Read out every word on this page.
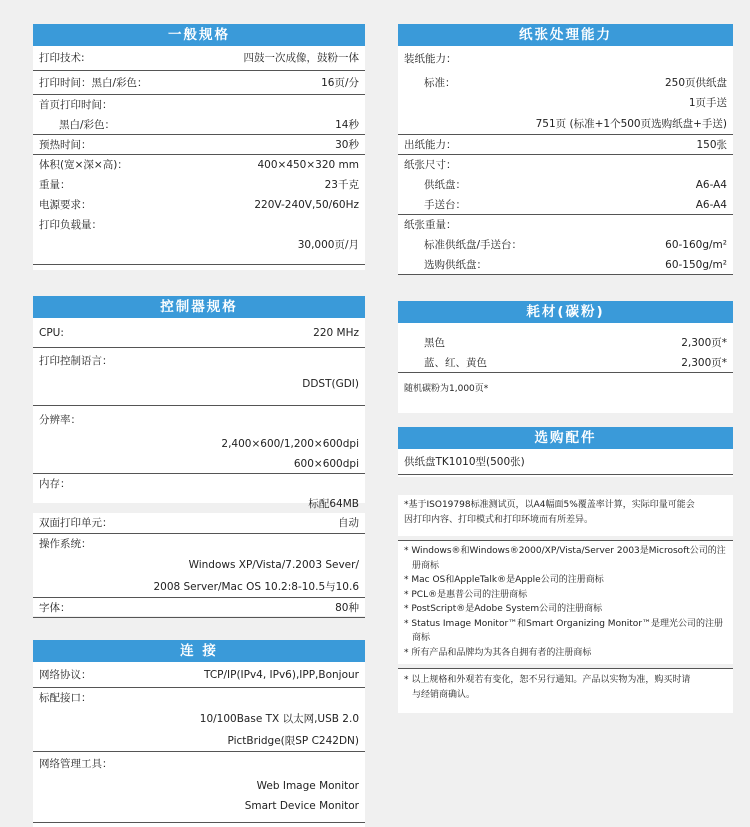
一般规格
打印技术:	四鼓一次成像，鼓粉一体
打印时间：黑白/彩色：	16页/分
首页打印时间：
黑白/彩色：	14秒
预热时间：	30秒
体积(宽×深×高)：	400×450×320 mm
重量：	23千克
电源要求：	220V-240V,50/60Hz
打印负载量：
30,000页/月
控制器规格
CPU:	220 MHz
打印控制语言：
DDST(GDI)
分辨率：
2,400×600/1,200×600dpi
600×600dpi
内存：
标配64MB
双面打印单元：	自动
操作系统：
Windows XP/Vista/7.2003 Sever/
2008 Server/Mac OS 10.2:8-10.5与10.6
字体：	80种
连 接
网络协议：	TCP/IP(IPv4, IPv6),IPP,Bonjour
标配接口：
10/100Base TX 以太网,USB 2.0
PictBridge(限SP C242DN)
网络管理工具：
Web Image Monitor
Smart Device Monitor
纸张处理能力
装纸能力：
标准：	250页供纸盘
1页手送
751页 (标准+1个500页选购纸盘+手送)
出纸能力：	150张
纸张尺寸：
供纸盘：	A6-A4
手送台：	A6-A4
纸张重量：
标准供纸盘/手送台：	60-160g/m²
选购供纸盘：	60-150g/m²
耗材(碳粉)
黑色	2,300页*
蓝、红、黄色	2,300页*
随机碳粉为1,000页*
选购配件
供纸盘TK1010型(500张)
*基于ISO19798标准测试页，以A4幅面5%覆盖率计算，实际印量可能会
因打印内容、打印模式和打印环境而有所差异。
* Windows®和Windows®2000/XP/Vista/Server 2003是Microsoft公司的注
册商标
* Mac OS和AppleTalk®是Apple公司的注册商标
* PCL®是惠普公司的注册商标
* PostScript®是Adobe System公司的注册商标
* Status Image Monitor™和Smart Organizing Monitor™是理光公司的注册
商标
* 所有产品和品牌均为其各自拥有者的注册商标
* 以上规格和外观若有变化，恕不另行通知。产品以实物为准，购买时请
与经销商确认。
